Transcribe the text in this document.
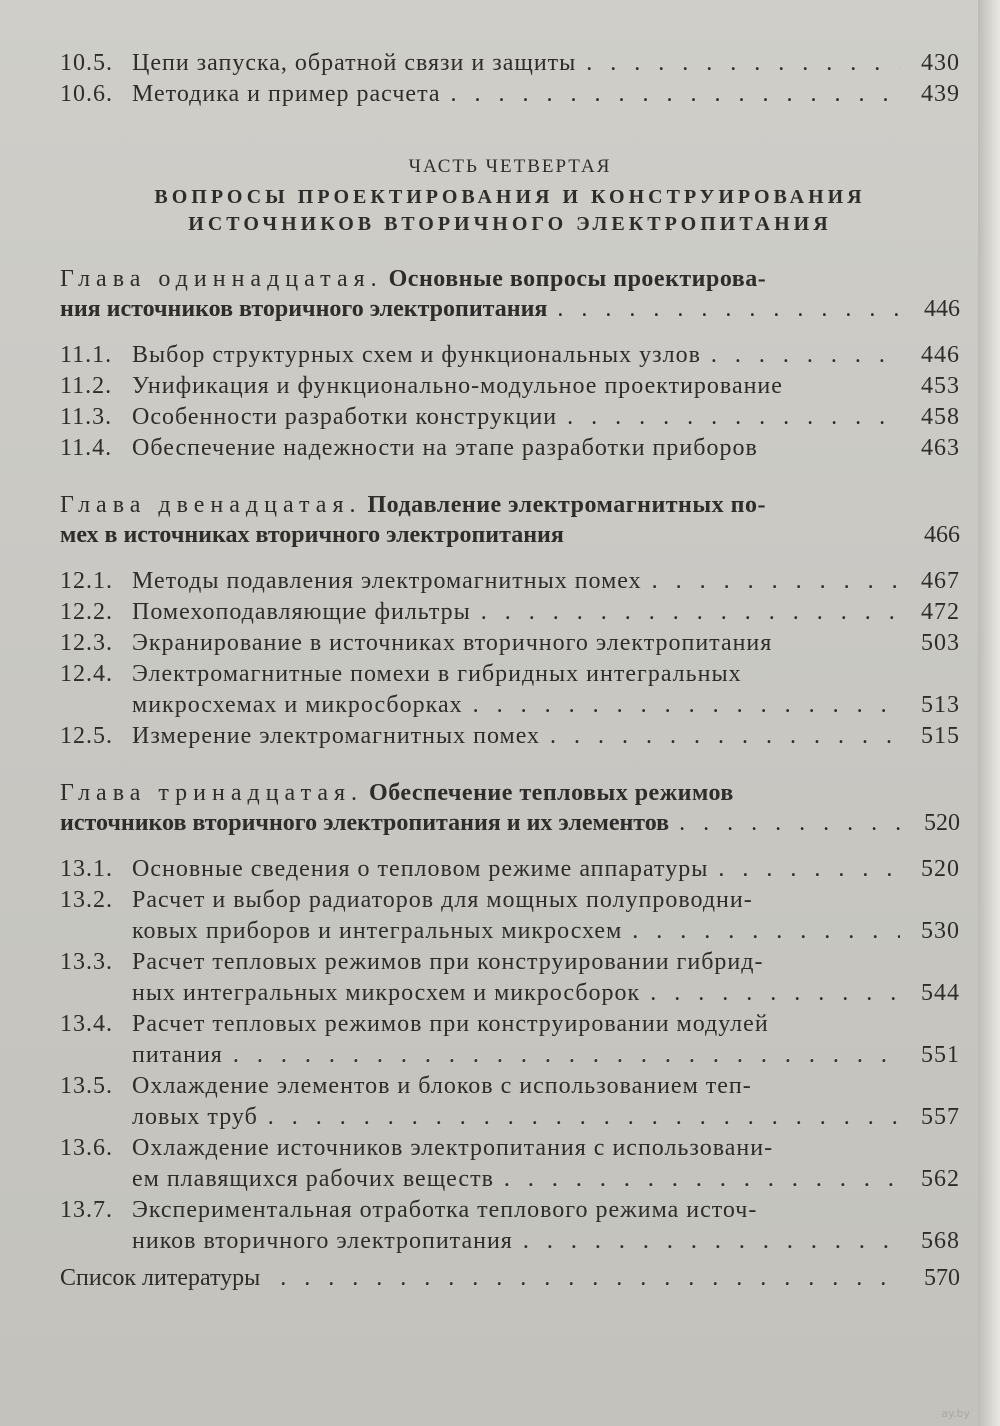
10.5. Цепи запуска, обратной связи и защиты . . .	430
10.6. Методика и пример расчета . . .	439
ЧАСТЬ ЧЕТВЕРТАЯ
ВОПРОСЫ ПРОЕКТИРОВАНИЯ И КОНСТРУИРОВАНИЯ
ИСТОЧНИКОВ ВТОРИЧНОГО ЭЛЕКТРОПИТАНИЯ
Глава одиннадцатая. Основные вопросы проектирова-
ния источников вторичного электропитания . . .	446
11.1. Выбор структурных схем и функциональных узлов . . .	446
11.2. Унификация и функционально-модульное проектирование	453
11.3. Особенности разработки конструкции . . .	458
11.4. Обеспечение надежности на этапе разработки приборов	463
Глава двенадцатая. Подавление электромагнитных по-
мех в источниках вторичного электропитания	466
12.1. Методы подавления электромагнитных помех . . .	467
12.2. Помехоподавляющие фильтры . . .	472
12.3. Экранирование в источниках вторичного электропитания	503
12.4. Электромагнитные помехи в гибридных интегральных
микросхемах и микросборках . . .	513
12.5. Измерение электромагнитных помех . . .	515
Глава тринадцатая. Обеспечение тепловых режимов
источников вторичного электропитания и их элементов . . .	520
13.1. Основные сведения о тепловом режиме аппаратуры . . .	520
13.2. Расчет и выбор радиаторов для мощных полупроводни-
ковых приборов и интегральных микросхем . . .	530
13.3. Расчет тепловых режимов при конструировании гибрид-
ных интегральных микросхем и микросборок . . .	544
13.4. Расчет тепловых режимов при конструировании модулей
питания . . .	551
13.5. Охлаждение элементов и блоков с использованием теп-
ловых труб . . .	557
13.6. Охлаждение источников электропитания с использовани-
ем плавящихся рабочих веществ . . .	562
13.7. Экспериментальная отработка теплового режима источ-
ников вторичного электропитания . . .	568
Список литературы . . .	570
ay.by
